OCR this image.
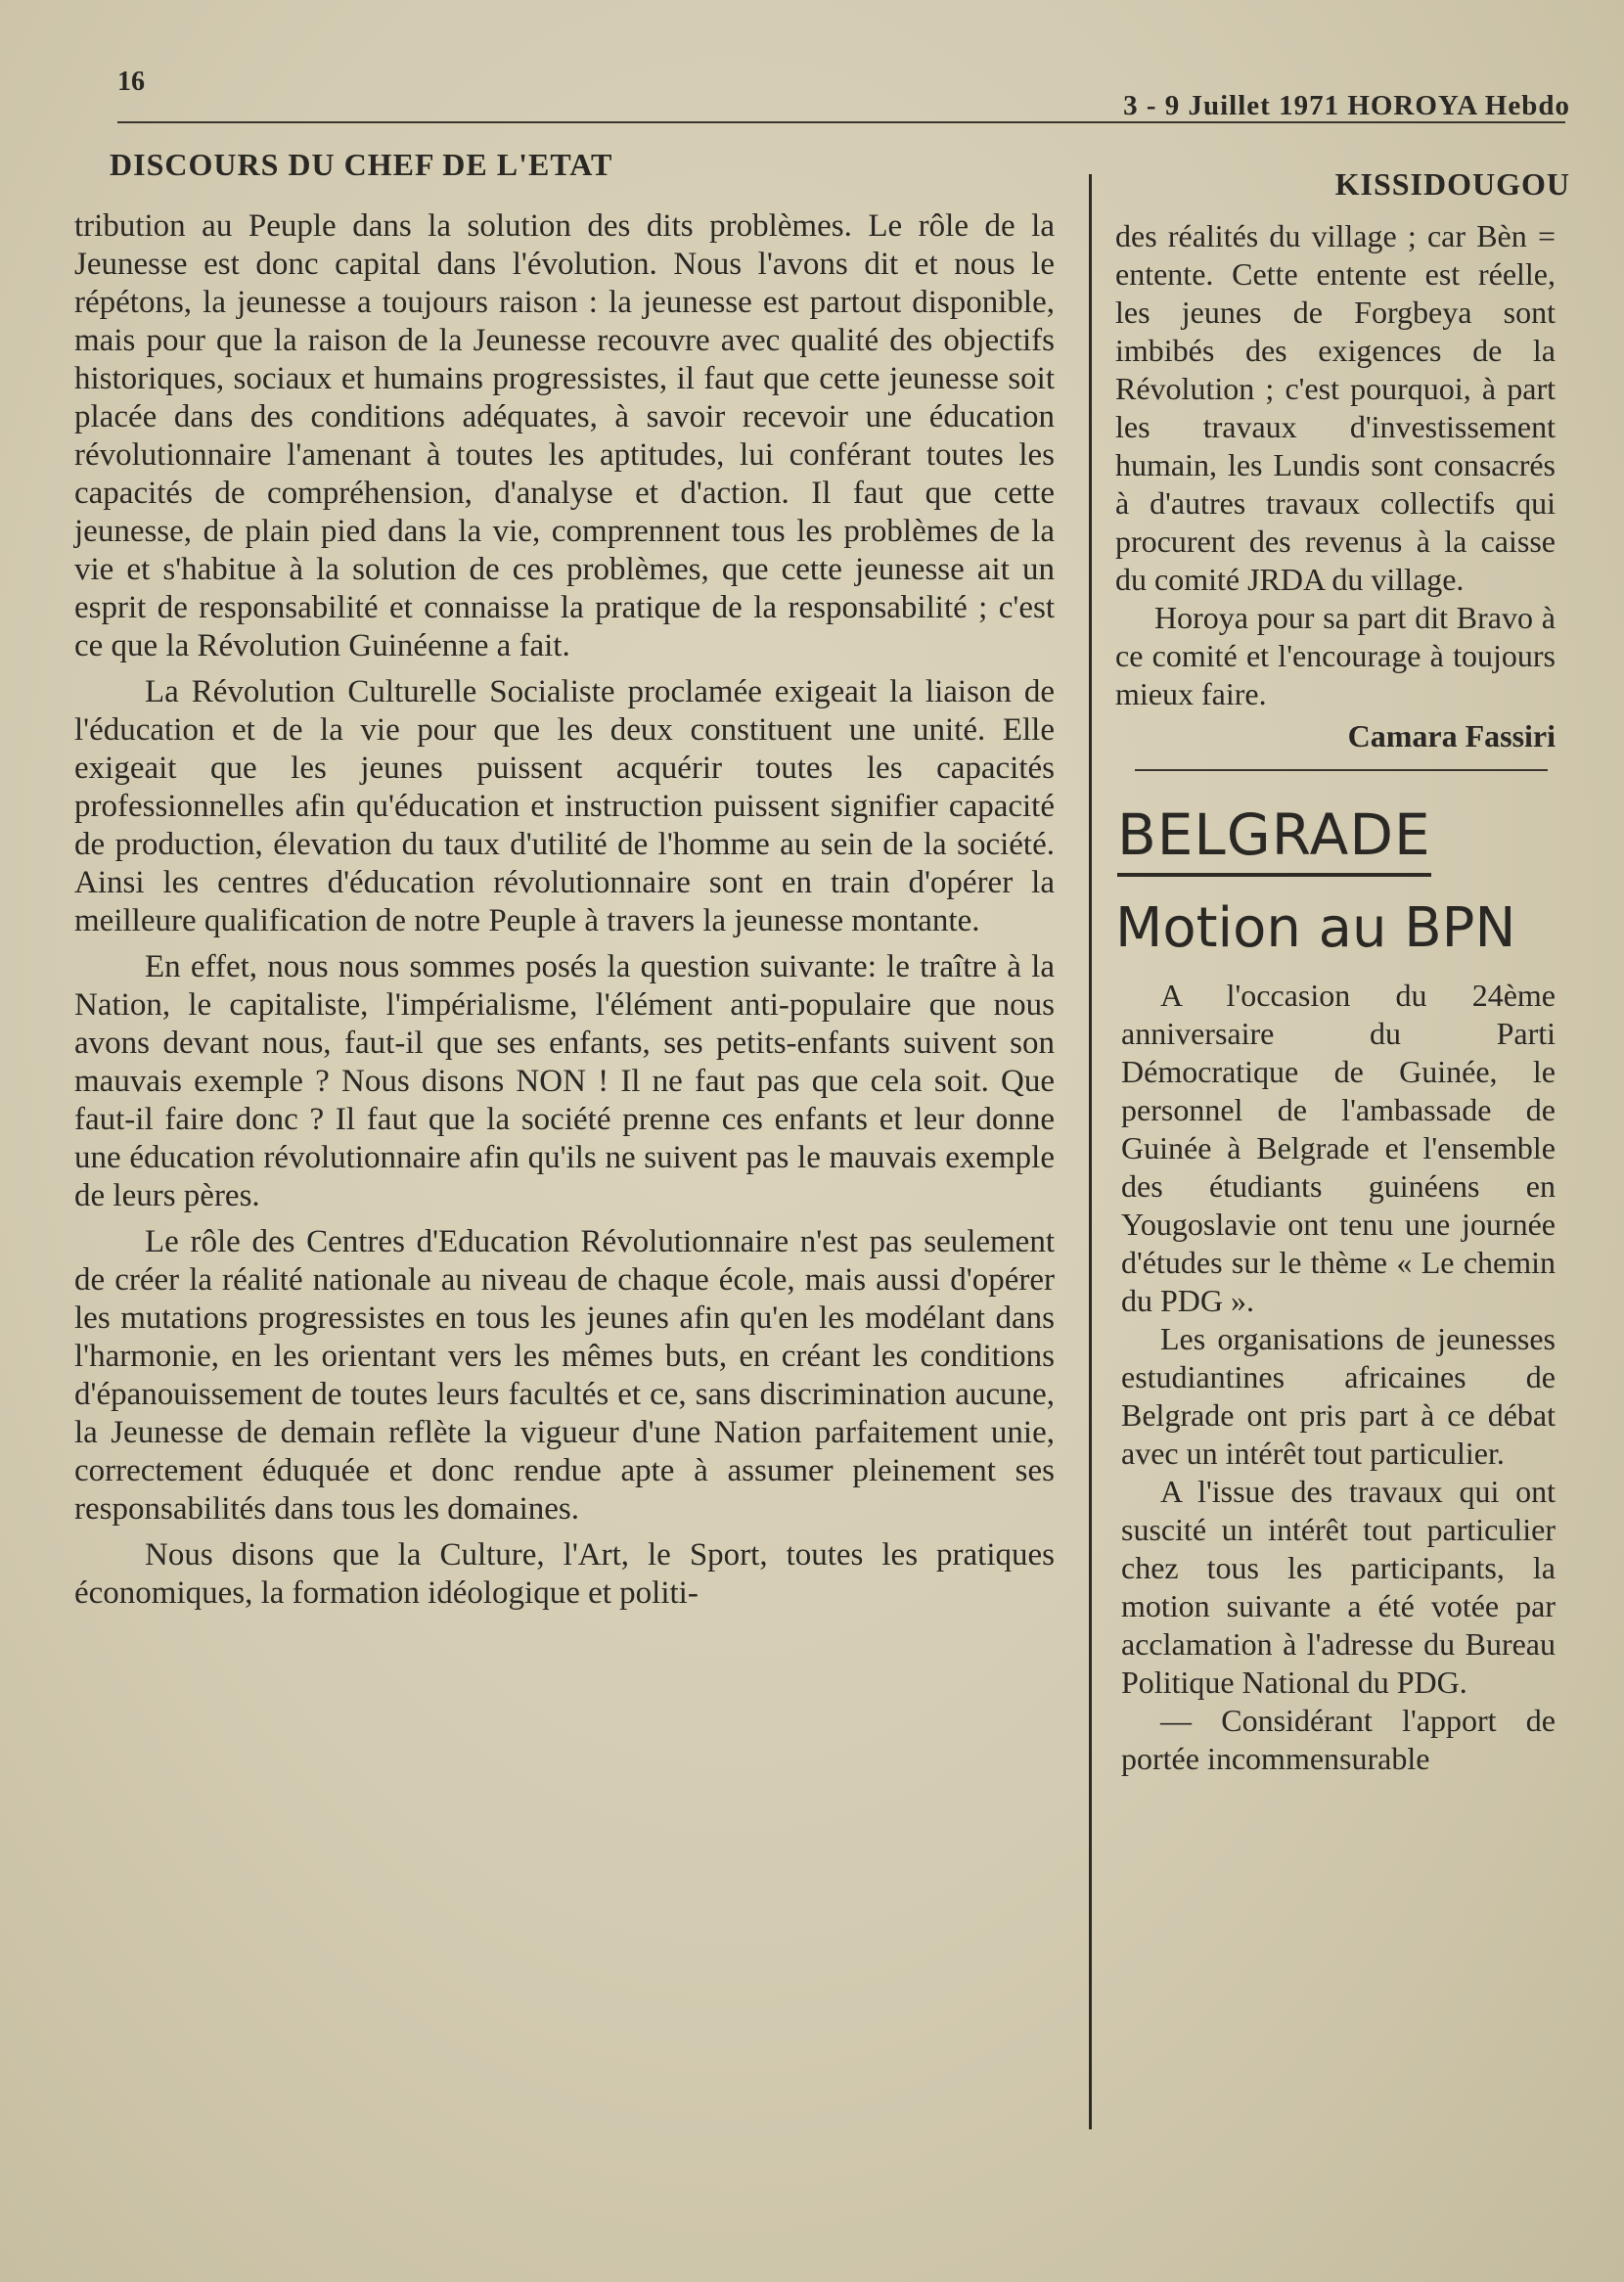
16
3 - 9 Juillet 1971 HOROYA Hebdo
DISCOURS DU CHEF DE L'ETAT
KISSIDOUGOU

tribution au Peuple dans la solution des dits problèmes. Le rôle de la Jeunesse est donc capital dans l'évolution. Nous l'avons dit et nous le répétons, la jeunesse a toujours raison : la jeunesse est partout disponible, mais pour que la raison de la Jeunesse recouvre avec qualité des objectifs historiques, sociaux et humains progressistes, il faut que cette jeunesse soit placée dans des conditions adéquates, à savoir recevoir une éducation révolutionnaire l'amenant à toutes les aptitudes, lui conférant toutes les capacités de compréhension, d'analyse et d'action. Il faut que cette jeunesse, de plain pied dans la vie, comprennent tous les problèmes de la vie et s'habitue à la solution de ces problèmes, que cette jeunesse ait un esprit de responsabilité et connaisse la pratique de la responsabilité ; c'est ce que la Révolution Guinéenne a fait.

La Révolution Culturelle Socialiste proclamée exigeait la liaison de l'éducation et de la vie pour que les deux constituent une unité. Elle exigeait que les jeunes puissent acquérir toutes les capacités professionnelles afin qu'éducation et instruction puissent signifier capacité de production, élevation du taux d'utilité de l'homme au sein de la société. Ainsi les centres d'éducation révolutionnaire sont en train d'opérer la meilleure qualification de notre Peuple à travers la jeunesse montante.

En effet, nous nous sommes posés la question suivante: le traître à la Nation, le capitaliste, l'impérialisme, l'élément anti-populaire que nous avons devant nous, faut-il que ses enfants, ses petits-enfants suivent son mauvais exemple ? Nous disons NON ! Il ne faut pas que cela soit. Que faut-il faire donc ? Il faut que la société prenne ces enfants et leur donne une éducation révolutionnaire afin qu'ils ne suivent pas le mauvais exemple de leurs pères.

Le rôle des Centres d'Education Révolutionnaire n'est pas seulement de créer la réalité nationale au niveau de chaque école, mais aussi d'opérer les mutations progressistes en tous les jeunes afin qu'en les modélant dans l'harmonie, en les orientant vers les mêmes buts, en créant les conditions d'épanouissement de toutes leurs facultés et ce, sans discrimination aucune, la Jeunesse de demain reflète la vigueur d'une Nation parfaitement unie, correctement éduquée et donc rendue apte à assumer pleinement ses responsabilités dans tous les domaines.

Nous disons que la Culture, l'Art, le Sport, toutes les pratiques économiques, la formation idéologique et politi-

des réalités du village ; car Bèn = entente. Cette entente est réelle, les jeunes de Forgbeya sont imbibés des exigences de la Révolution ; c'est pourquoi, à part les travaux d'investissement humain, les Lundis sont consacrés à d'autres travaux collectifs qui procurent des revenus à la caisse du comité JRDA du village.

Horoya pour sa part dit Bravo à ce comité et l'encourage à toujours mieux faire.

Camara Fassiri
BELGRADE
Motion au BPN

A l'occasion du 24ème anniversaire du Parti Démocratique de Guinée, le personnel de l'ambassade de Guinée à Belgrade et l'ensemble des étudiants guinéens en Yougoslavie ont tenu une journée d'études sur le thème « Le chemin du PDG ».

Les organisations de jeunesses estudiantines africaines de Belgrade ont pris part à ce débat avec un intérêt tout particulier.

A l'issue des travaux qui ont suscité un intérêt tout particulier chez tous les participants, la motion suivante a été votée par acclamation à l'adresse du Bureau Politique National du PDG.

— Considérant l'apport de portée incommensurable
